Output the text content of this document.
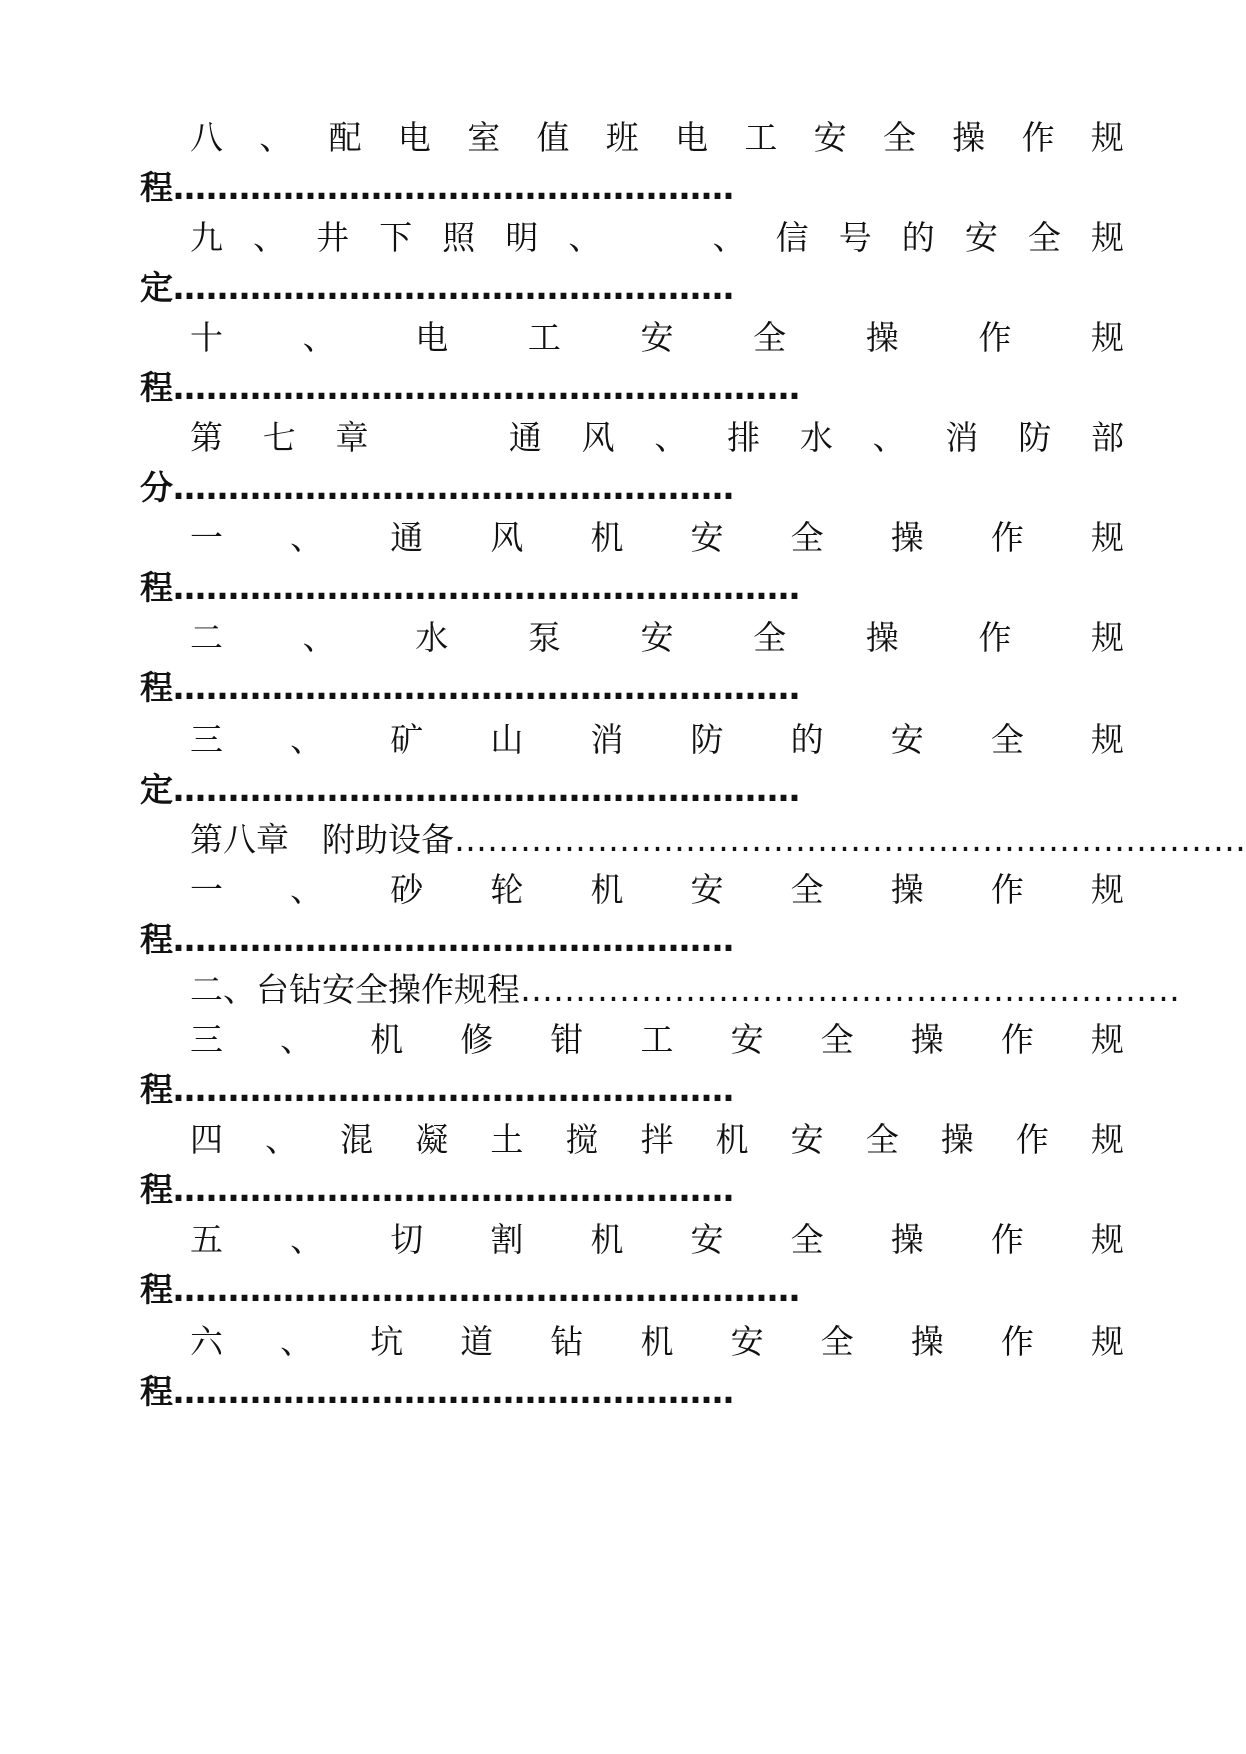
八 、 配 电 室 值 班 电 工 安 全 操 作 规
程……………………………………………
九 、 井 下 照 明 、

	、 信 号 的 安 全 规
定……………………………………………
十 、 电 工 安 全 操 作 规
程…………………………………………………
第 七 章

	通 风 、 排 水 、 消 防 部
分……………………………………………
一 、 通 风 机 安 全 操 作 规
程…………………………………………………
二 、 水 泵 安 全 操 作 规
程…………………………………………………
三 、 矿 山 消 防 的 安 全 规
定…………………………………………………
第八章　附助设备………………………………………………………………
一 、 砂 轮 机 安 全 操 作 规
程……………………………………………
二、台钻安全操作规程……………………………………………………
三 、 机 修 钳 工 安 全 操 作 规
程……………………………………………
四 、 混 凝 土 搅 拌 机 安 全 操 作 规
程……………………………………………
五 、 切 割 机 安 全 操 作 规
程…………………………………………………
六 、 坑 道 钻 机 安 全 操 作 规
程……………………………………………
